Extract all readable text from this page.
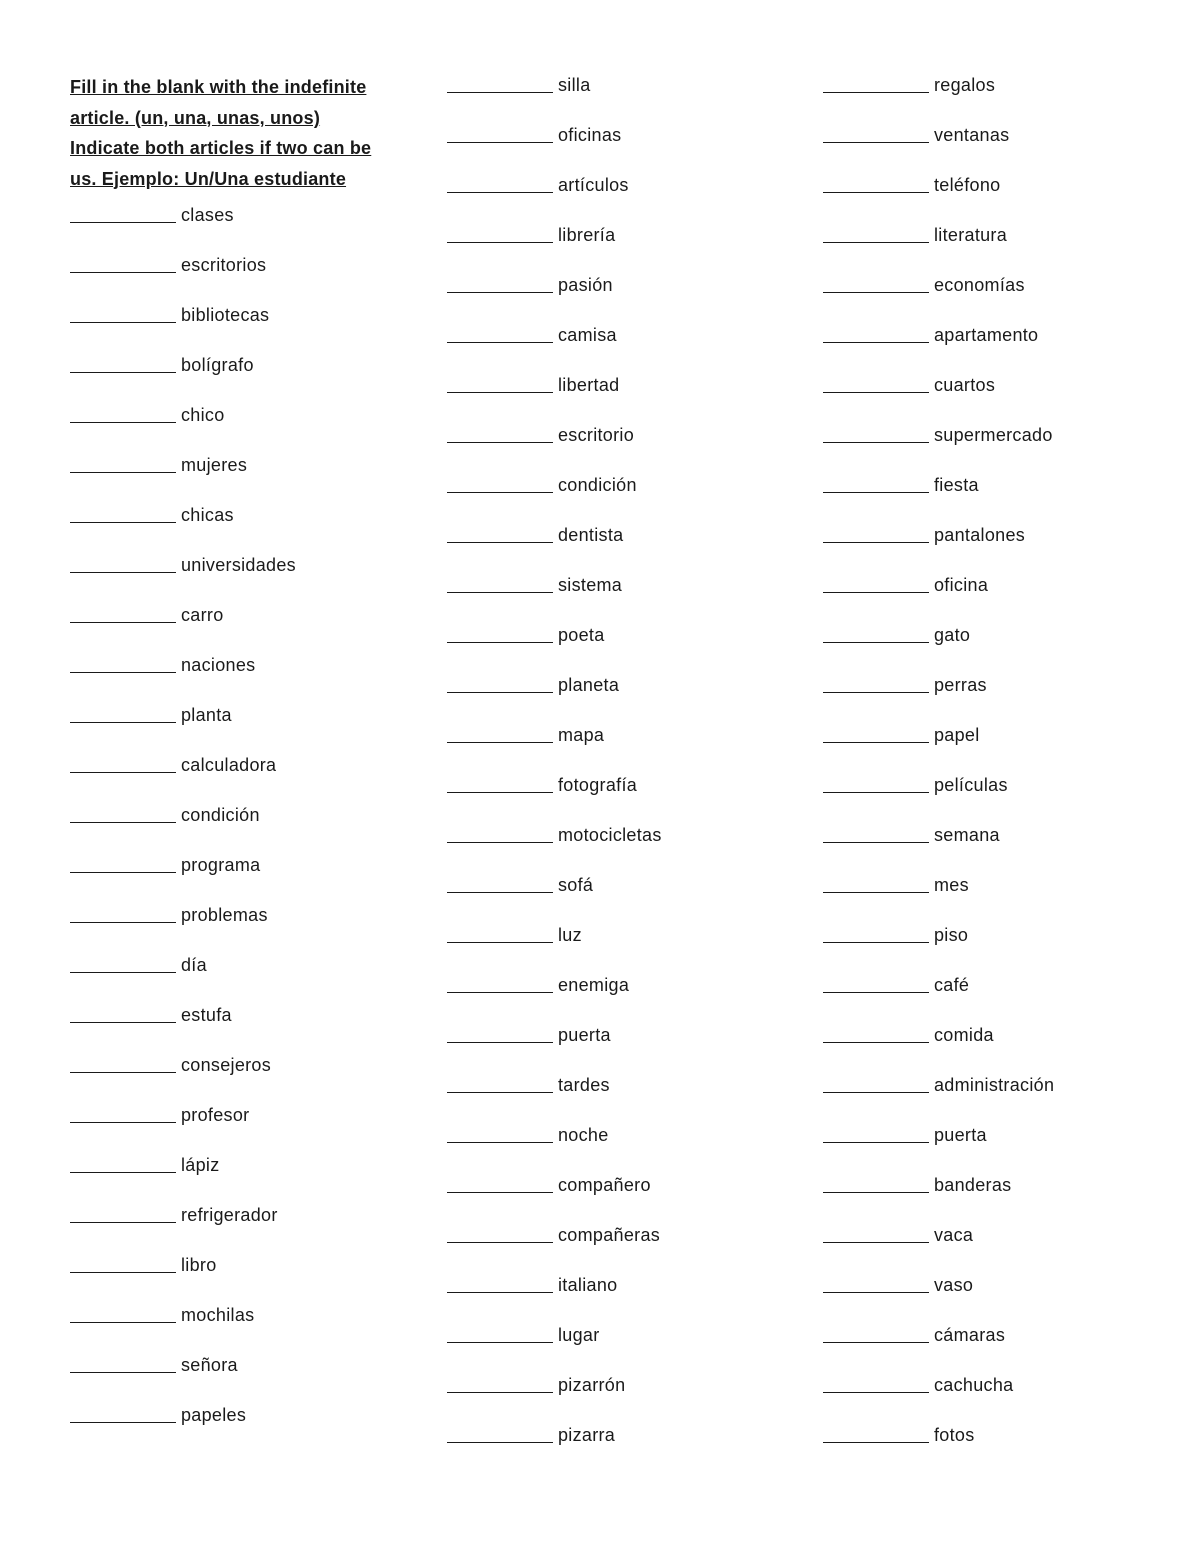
Fill in the blank with the indefinite article. (un, una, unas, unos) Indicate both articles if two can be us. Ejemplo: Un/Una estudiante
clases
escritorios
bibliotecas
bolígrafo
chico
mujeres
chicas
universidades
carro
naciones
planta
calculadora
condición
programa
problemas
día
estufa
consejeros
profesor
lápiz
refrigerador
libro
mochilas
señora
papeles
silla
oficinas
artículos
librería
pasión
camisa
libertad
escritorio
condición
dentista
sistema
poeta
planeta
mapa
fotografía
motocicletas
sofá
luz
enemiga
puerta
tardes
noche
compañero
compañeras
italiano
lugar
pizarrón
pizarra
regalos
ventanas
teléfono
literatura
economías
apartamento
cuartos
supermercado
fiesta
pantalones
oficina
gato
perras
papel
películas
semana
mes
piso
café
comida
administración
puerta
banderas
vaca
vaso
cámaras
cachucha
fotos
